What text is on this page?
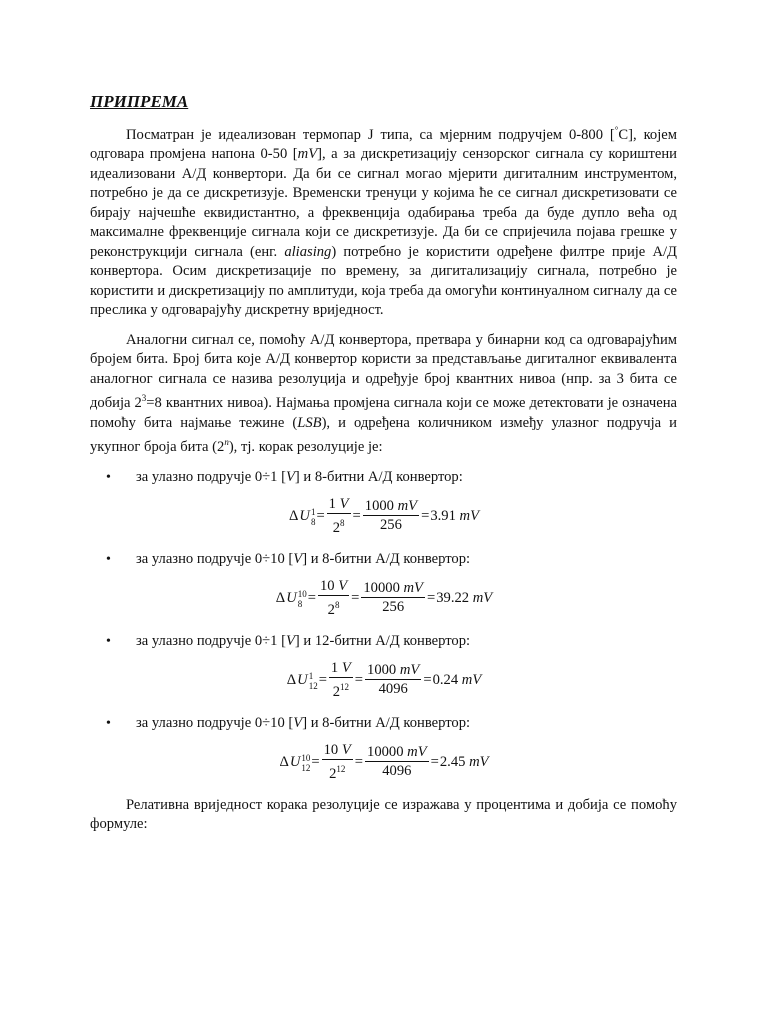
ПРИПРЕМА

Посматран је идеализован термопар J типа, са мјерним подручјем 0-800 [°C], којем одговара промјена напона 0-50 [mV], а за дискретизацију сензорског сигнала су кориштени идеализовани А/Д конвертори. Да би се сигнал могао мјерити дигиталним инструментом, потребно је да се дискретизује. Временски тренуци у којима ће се сигнал дискретизовати се бирају најчешће еквидистантно, а фреквенција одабирања треба да буде дупло већа од максималне фреквенције сигнала који се дискретизује. Да би се спријечила појава грешке у реконструкцији сигнала (енг. aliasing) потребно је користити одређене филтре прије А/Д конвертора. Осим дискретизације по времену, за дигитализацију сигнала, потребно је користити и дискретизацију по амплитуди, која треба да омогући континуалном сигналу да се преслика у одговарајућу дискретну вриједност.

Аналогни сигнал се, помоћу А/Д конвертора, претвара у бинарни код са одговарајућим бројем бита. Број бита које А/Д конвертор користи за представљање дигиталног еквивалента аналогног сигнала се назива резолуција и одређује број квантних нивоа (нпр. за 3 бита се добија $2^3=8$ квантних нивоа). Најмања промјена сигнала који се може детектовати је означена помоћу бита најмање тежине (LSB), и одређена количником између улазног подручја и укупног броја бита (2$^n$), тј. корак резолуције је:

• за улазно подручје 0÷1 [V] и 8-битни А/Д конвертор:
Δ U 1
$8 = \frac{1 V}{2^8} = \frac{1000 mV}{256} = 3.91$
mV
• за улазно подручје 0÷10 [V] и 8-битни А/Д конвертор:
Δ U 10
$8 = \frac{10 V}{2^8} = \frac{10000 mV}{256} = 39.22$
mV
• за улазно подручје 0÷1 [V] и 12-битни А/Д конвертор:
Δ U 1
$12 = \frac{1 V}{2^{12}} = \frac{1000 mV}{4096} = 0.24$
mV
• за улазно подручје 0÷10 [V] и 8-битни А/Д конвертор:
Δ U 10
$12 = \frac{10 V}{2^{12}} = \frac{10000 mV}{4096} = 2.45$
mV

Релативна вриједност корака резолуције се изражава у процентима и добија се помоћу формуле:
